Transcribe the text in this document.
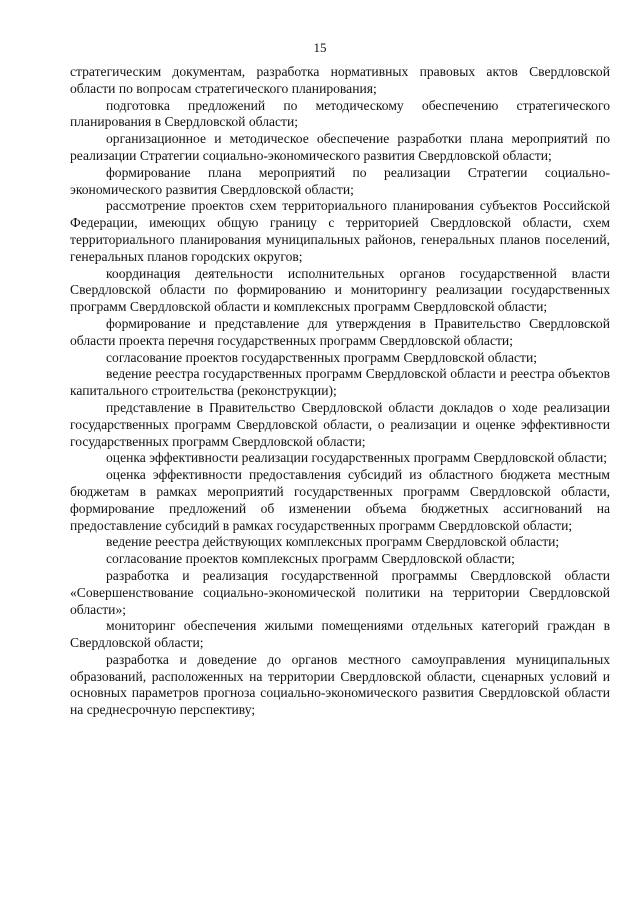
15

стратегическим документам, разработка нормативных правовых актов Свердловской области по вопросам стратегического планирования;

подготовка предложений по методическому обеспечению стратегического планирования в Свердловской области;

организационное и методическое обеспечение разработки плана мероприятий по реализации Стратегии социально-экономического развития Свердловской области;

формирование плана мероприятий по реализации Стратегии социально-экономического развития Свердловской области;

рассмотрение проектов схем территориального планирования субъектов Российской Федерации, имеющих общую границу с территорией Свердловской области, схем территориального планирования муниципальных районов, генеральных планов поселений, генеральных планов городских округов;

координация деятельности исполнительных органов государственной власти Свердловской области по формированию и мониторингу реализации государственных программ Свердловской области и комплексных программ Свердловской области;

формирование и представление для утверждения в Правительство Свердловской области проекта перечня государственных программ Свердловской области;

согласование проектов государственных программ Свердловской области;

ведение реестра государственных программ Свердловской области и реестра объектов капитального строительства (реконструкции);

представление в Правительство Свердловской области докладов о ходе реализации государственных программ Свердловской области, о реализации и оценке эффективности государственных программ Свердловской области;

оценка эффективности реализации государственных программ Свердловской области;

оценка эффективности предоставления субсидий из областного бюджета местным бюджетам в рамках мероприятий государственных программ Свердловской области, формирование предложений об изменении объема бюджетных ассигнований на предоставление субсидий в рамках государственных программ Свердловской области;

ведение реестра действующих комплексных программ Свердловской области;

согласование проектов комплексных программ Свердловской области;

разработка и реализация государственной программы Свердловской области «Совершенствование социально-экономической политики на территории Свердловской области»;

мониторинг обеспечения жилыми помещениями отдельных категорий граждан в Свердловской области;

разработка и доведение до органов местного самоуправления муниципальных образований, расположенных на территории Свердловской области, сценарных условий и основных параметров прогноза социально-экономического развития Свердловской области на среднесрочную перспективу;
